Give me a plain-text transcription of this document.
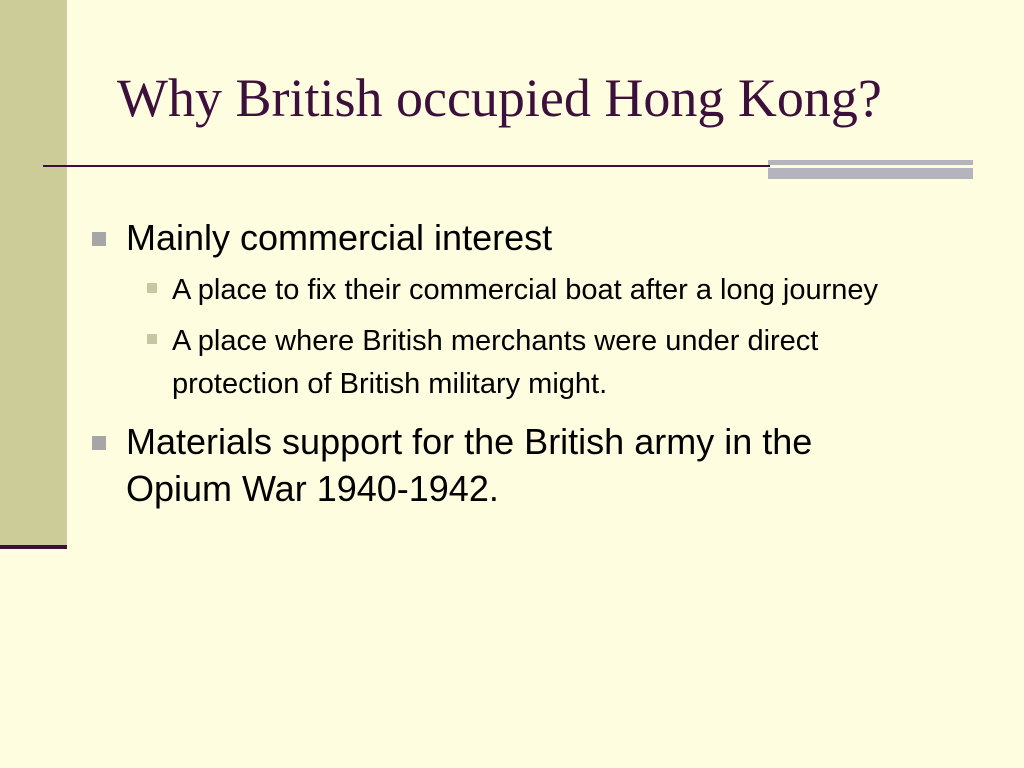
Why British occupied Hong Kong?
Mainly commercial interest
A place to fix their commercial boat after a long journey
A place where British merchants were under direct protection of British military might.
Materials support for the British army in the Opium War 1940-1942.
